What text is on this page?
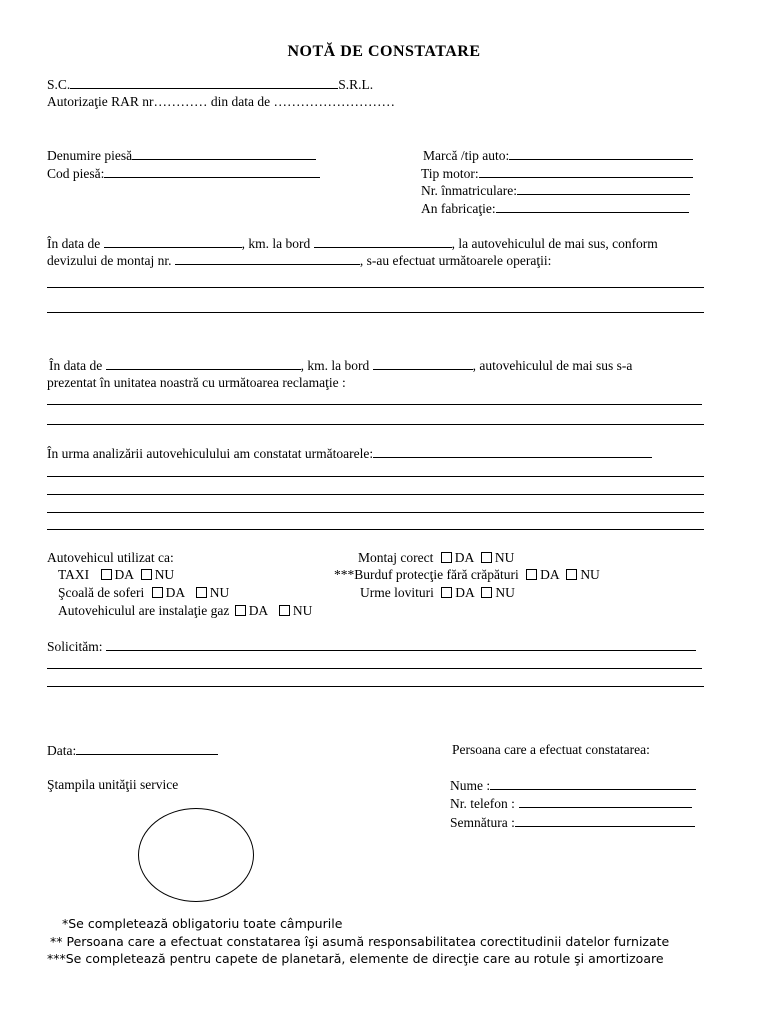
NOTĂ DE CONSTATARE
S.C.	S.R.L.
Autorizaţie RAR nr………… din data de ………………………
Denumire piesă
Cod piesă:
Marcă /tip auto:
Tip motor:
Nr. înmatriculare:
An fabricaţie:
În data de	, km. la bord	, la autovehiculul de mai sus, conform
devizului de montaj nr.	, s-au efectuat următoarele operaţii:
În data de	, km. la bord	, autovehiculul de mai sus s-a
prezentat în unitatea noastră cu următoarea reclamaţie :
În urma analizării autovehiculului am constatat următoarele:
Autovehicul utilizat ca:
TAXI DA NU
Şcoală de soferi DA NU
Autovehiculul are instalaţie gaz DA NU
Montaj corect DA NU
***Burduf protecţie fără crăpături DA NU
Urme lovituri DA NU
Solicităm:
Data:
Ştampila unităţii service
Persoana care a efectuat constatarea:
Nume :
Nr. telefon :
Semnătura :
*Se completează obligatoriu toate câmpurile
** Persoana care a efectuat constatarea îşi asumă responsabilitatea corectitudinii datelor furnizate
***Se completează pentru capete de planetară, elemente de direcţie care au rotule şi amortizoare
